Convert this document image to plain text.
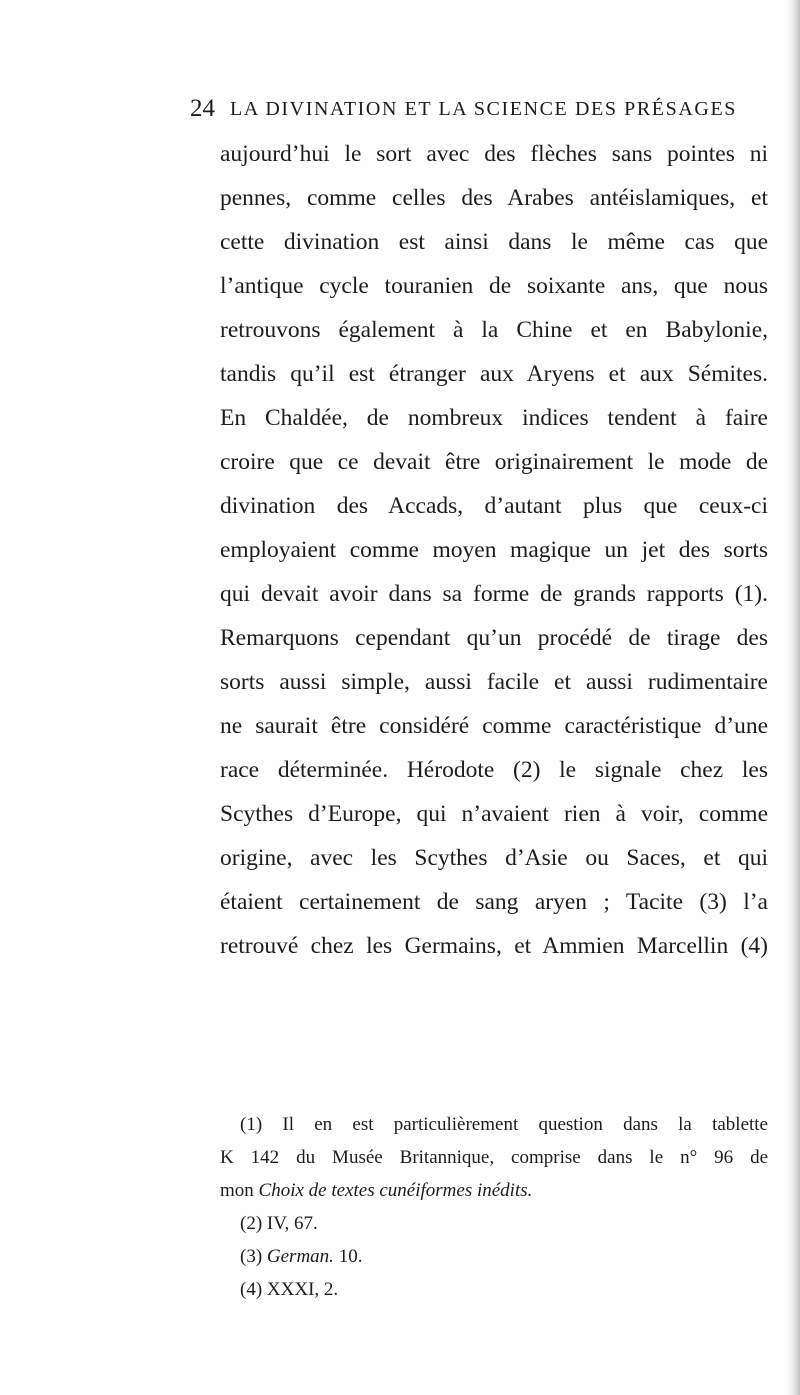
24 LA DIVINATION ET LA SCIENCE DES PRÉSAGES
aujourd’hui le sort avec des flèches sans pointes ni
pennes, comme celles des Arabes antéislamiques, et
cette divination est ainsi dans le même cas que
l’antique cycle touranien de soixante ans, que nous
retrouvons également à la Chine et en Babylonie,
tandis qu’il est étranger aux Aryens et aux Sémites.
En Chaldée, de nombreux indices tendent à faire
croire que ce devait être originairement le mode de
divination des Accads, d’autant plus que ceux-ci
employaient comme moyen magique un jet des sorts
qui devait avoir dans sa forme de grands rapports (1).
Remarquons cependant qu’un procédé de tirage des
sorts aussi simple, aussi facile et aussi rudimentaire
ne saurait être considéré comme caractéristique d’une
race déterminée. Hérodote (2) le signale chez les
Scythes d’Europe, qui n’avaient rien à voir, comme
origine, avec les Scythes d’Asie ou Saces, et qui
étaient certainement de sang aryen ; Tacite (3) l’a
retrouvé chez les Germains, et Ammien Marcellin (4)
(1) Il en est particulièrement question dans la tablette
K 142 du Musée Britannique, comprise dans le n° 96 de
mon Choix de textes cunéiformes inédits.
(2) IV, 67.
(3) German. 10.
(4) XXXI, 2.
